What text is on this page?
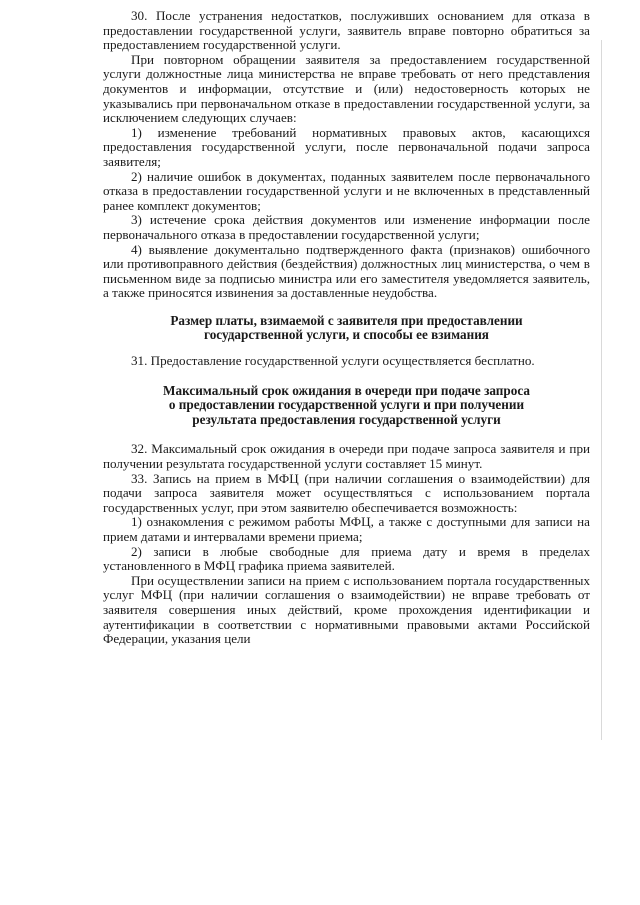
30. После устранения недостатков, послуживших основанием для отказа в предоставлении государственной услуги, заявитель вправе повторно обратиться за предоставлением государственной услуги.

При повторном обращении заявителя за предоставлением государственной услуги должностные лица министерства не вправе требовать от него представления документов и информации, отсутствие и (или) недостоверность которых не указывались при первоначальном отказе в предоставлении государственной услуги, за исключением следующих случаев:

1) изменение требований нормативных правовых актов, касающихся предоставления государственной услуги, после первоначальной подачи запроса заявителя;

2) наличие ошибок в документах, поданных заявителем после первоначального отказа в предоставлении государственной услуги и не включенных в представленный ранее комплект документов;

3) истечение срока действия документов или изменение информации после первоначального отказа в предоставлении государственной услуги;

4) выявление документально подтвержденного факта (признаков) ошибочного или противоправного действия (бездействия) должностных лиц министерства, о чем в письменном виде за подписью министра или его заместителя уведомляется заявитель, а также приносятся извинения за доставленные неудобства.

Размер платы, взимаемой с заявителя при предоставлении

государственной услуги, и способы ее взимания

31. Предоставление государственной услуги осуществляется бесплатно.

Максимальный срок ожидания в очереди при подаче запроса

о предоставлении государственной услуги и при получении

результата предоставления государственной услуги

32. Максимальный срок ожидания в очереди при подаче запроса заявителя и при получении результата государственной услуги составляет 15 минут.

33. Запись на прием в МФЦ (при наличии соглашения о взаимодействии) для подачи запроса заявителя может осуществляться с использованием портала государственных услуг, при этом заявителю обеспечивается возможность:

1) ознакомления с режимом работы МФЦ, а также с доступными для записи на прием датами и интервалами времени приема;

2) записи в любые свободные для приема дату и время в пределах установленного в МФЦ графика приема заявителей.

При осуществлении записи на прием с использованием портала государственных услуг МФЦ (при наличии соглашения о взаимодействии) не вправе требовать от заявителя совершения иных действий, кроме прохождения идентификации и аутентификации в соответствии с нормативными правовыми актами Российской Федерации, указания цели
